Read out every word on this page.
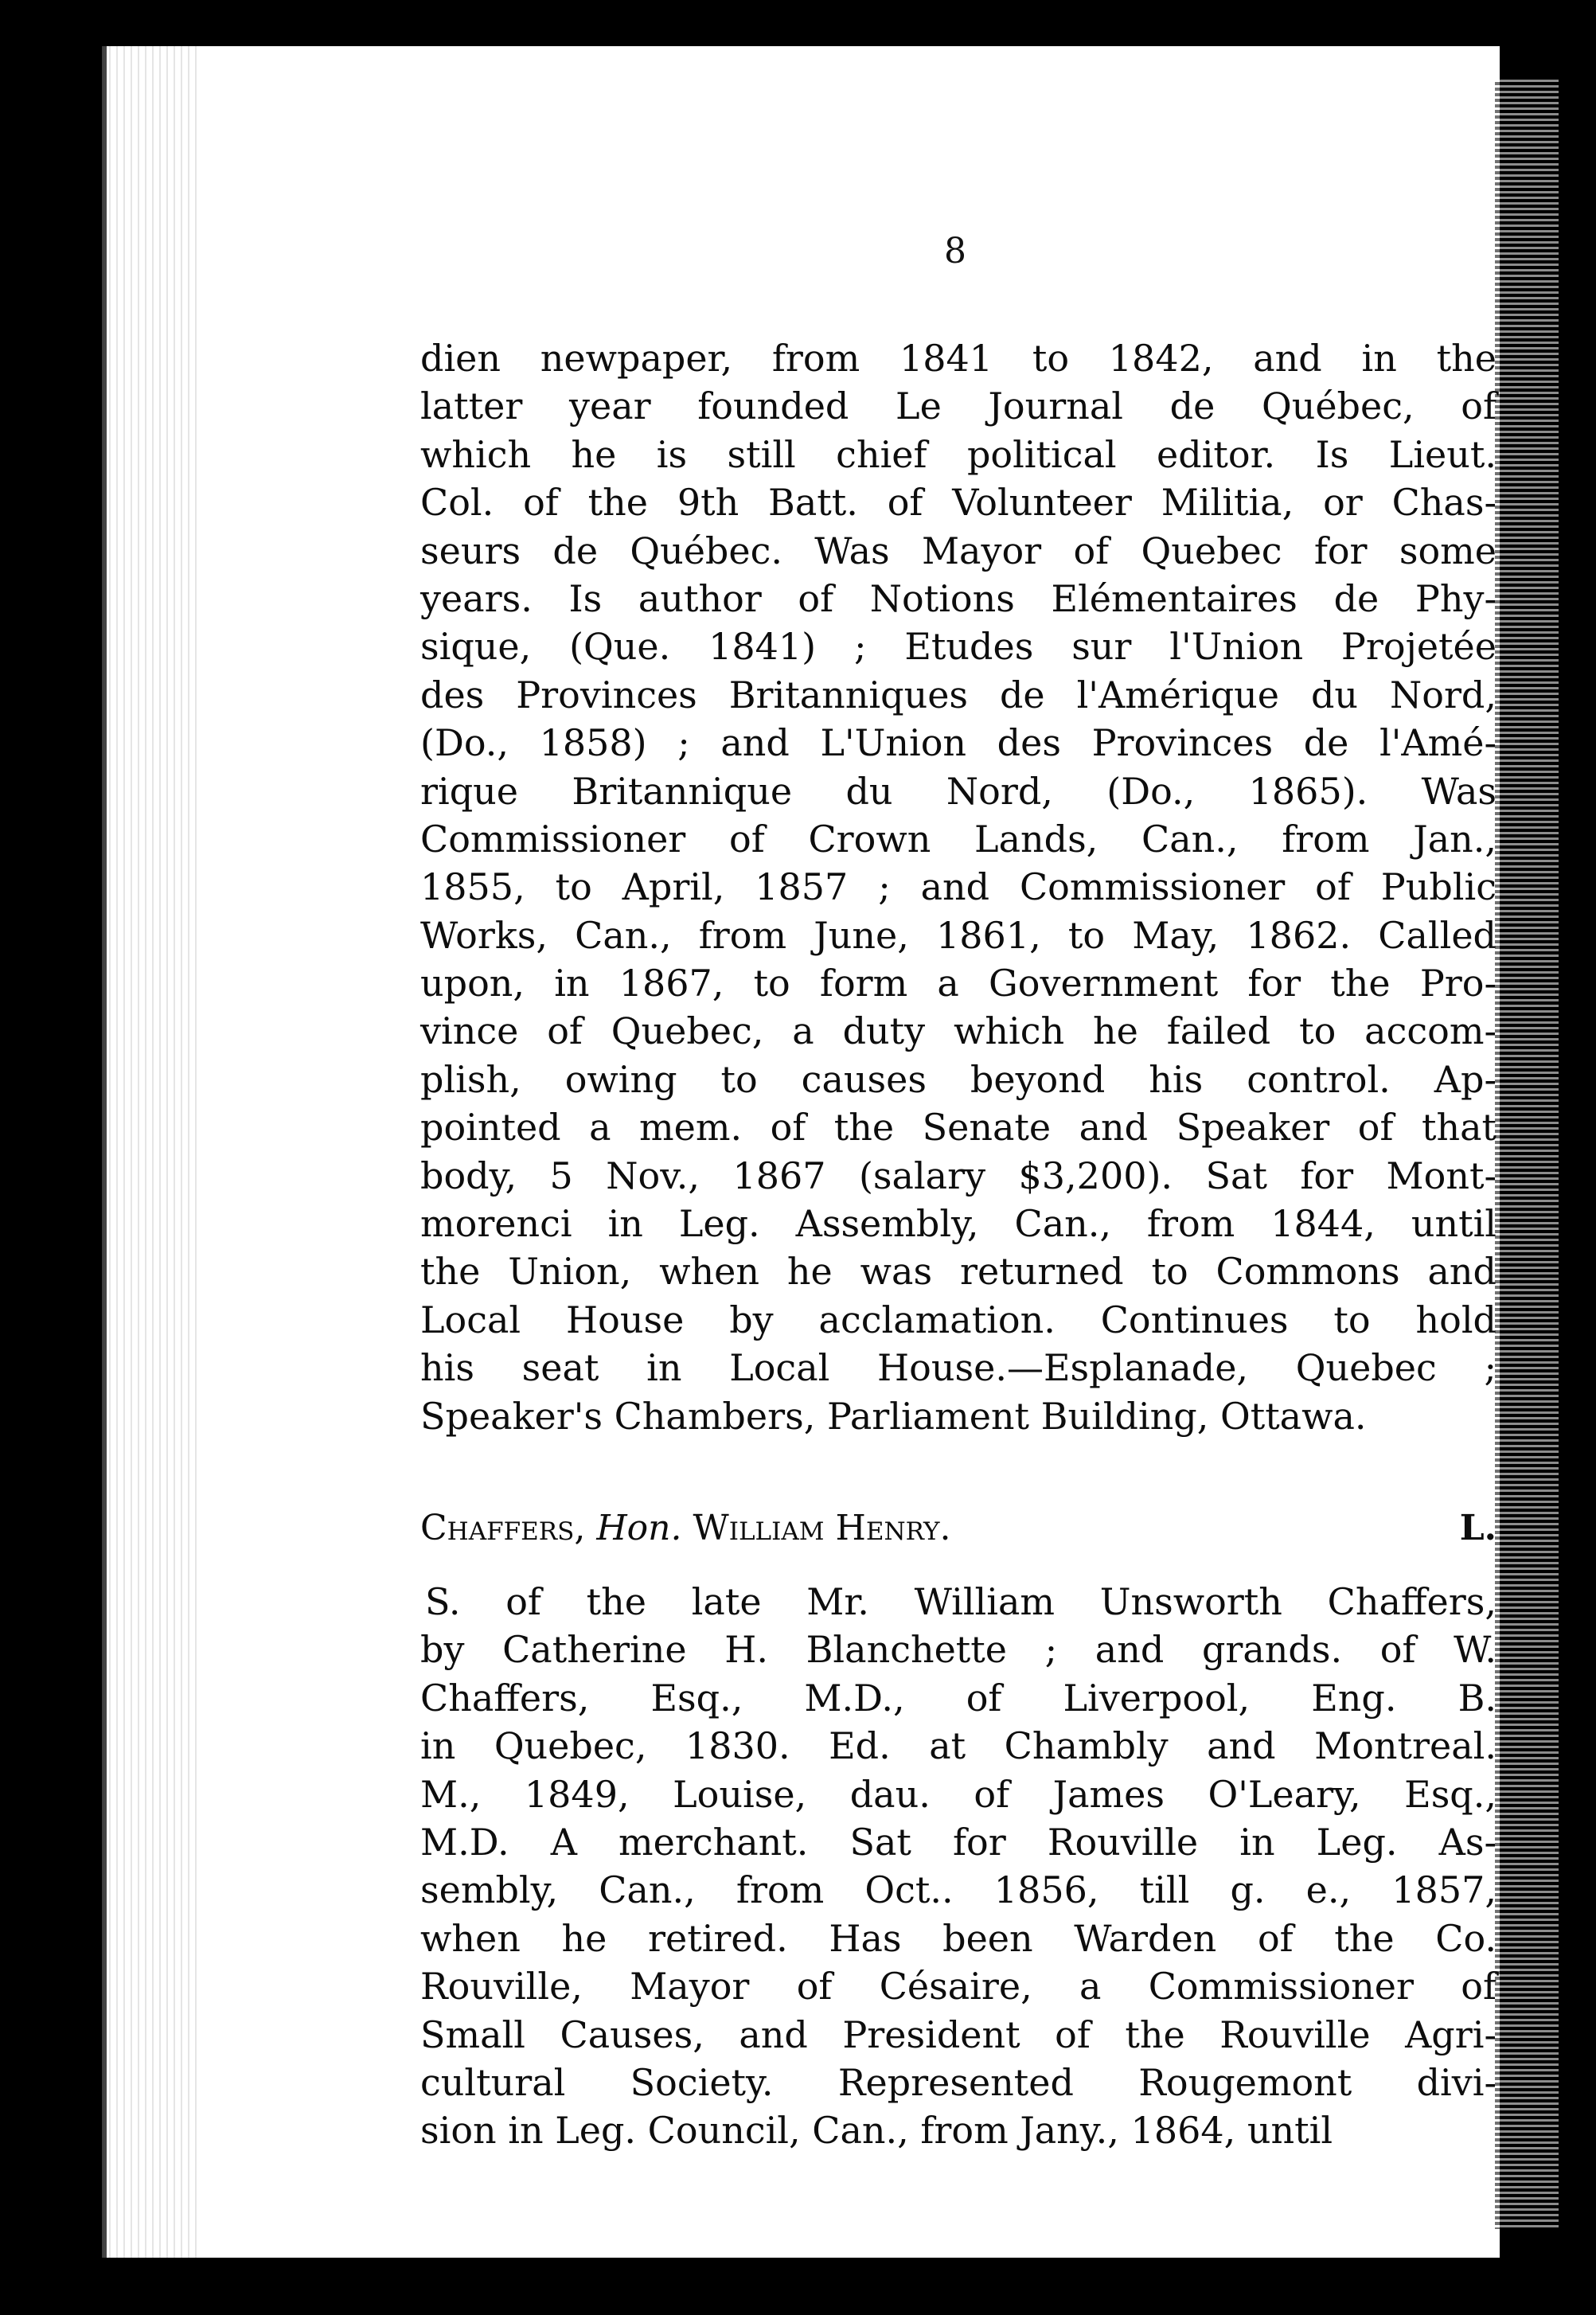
8
dien newpaper, from 1841 to 1842, and in the
latter year founded Le Journal de Québec, of
which he is still chief political editor. Is Lieut.
Col. of the 9th Batt. of Volunteer Militia, or Chas-
seurs de Québec. Was Mayor of Quebec for some
years. Is author of Notions Elémentaires de Phy-
sique, (Que. 1841) ; Etudes sur l'Union Projetée
des Provinces Britanniques de l'Amérique du Nord,
(Do., 1858) ; and L'Union des Provinces de l'Amé-
rique Britannique du Nord, (Do., 1865). Was
Commissioner of Crown Lands, Can., from Jan.,
1855, to April, 1857 ; and Commissioner of Public
Works, Can., from June, 1861, to May, 1862. Called
upon, in 1867, to form a Government for the Pro-
vince of Quebec, a duty which he failed to accom-
plish, owing to causes beyond his control. Ap-
pointed a mem. of the Senate and Speaker of that
body, 5 Nov., 1867 (salary $3,200). Sat for Mont-
morenci in Leg. Assembly, Can., from 1844, until
the Union, when he was returned to Commons and
Local House by acclamation. Continues to hold
his seat in Local House.—Esplanade, Quebec ;
Speaker's Chambers, Parliament Building, Ottawa.
Chaffers, Hon. William Henry.	L.
S. of the late Mr. William Unsworth Chaffers,
by Catherine H. Blanchette ; and grands. of W.
Chaffers, Esq., M.D., of Liverpool, Eng. B.
in Quebec, 1830. Ed. at Chambly and Montreal.
M., 1849, Louise, dau. of James O'Leary, Esq.,
M.D. A merchant. Sat for Rouville in Leg. As-
sembly, Can., from Oct.. 1856, till g. e., 1857,
when he retired. Has been Warden of the Co.
Rouville, Mayor of Césaire, a Commissioner of
Small Causes, and President of the Rouville Agri-
cultural Society. Represented Rougemont divi-
sion in Leg. Council, Can., from Jany., 1864, until
